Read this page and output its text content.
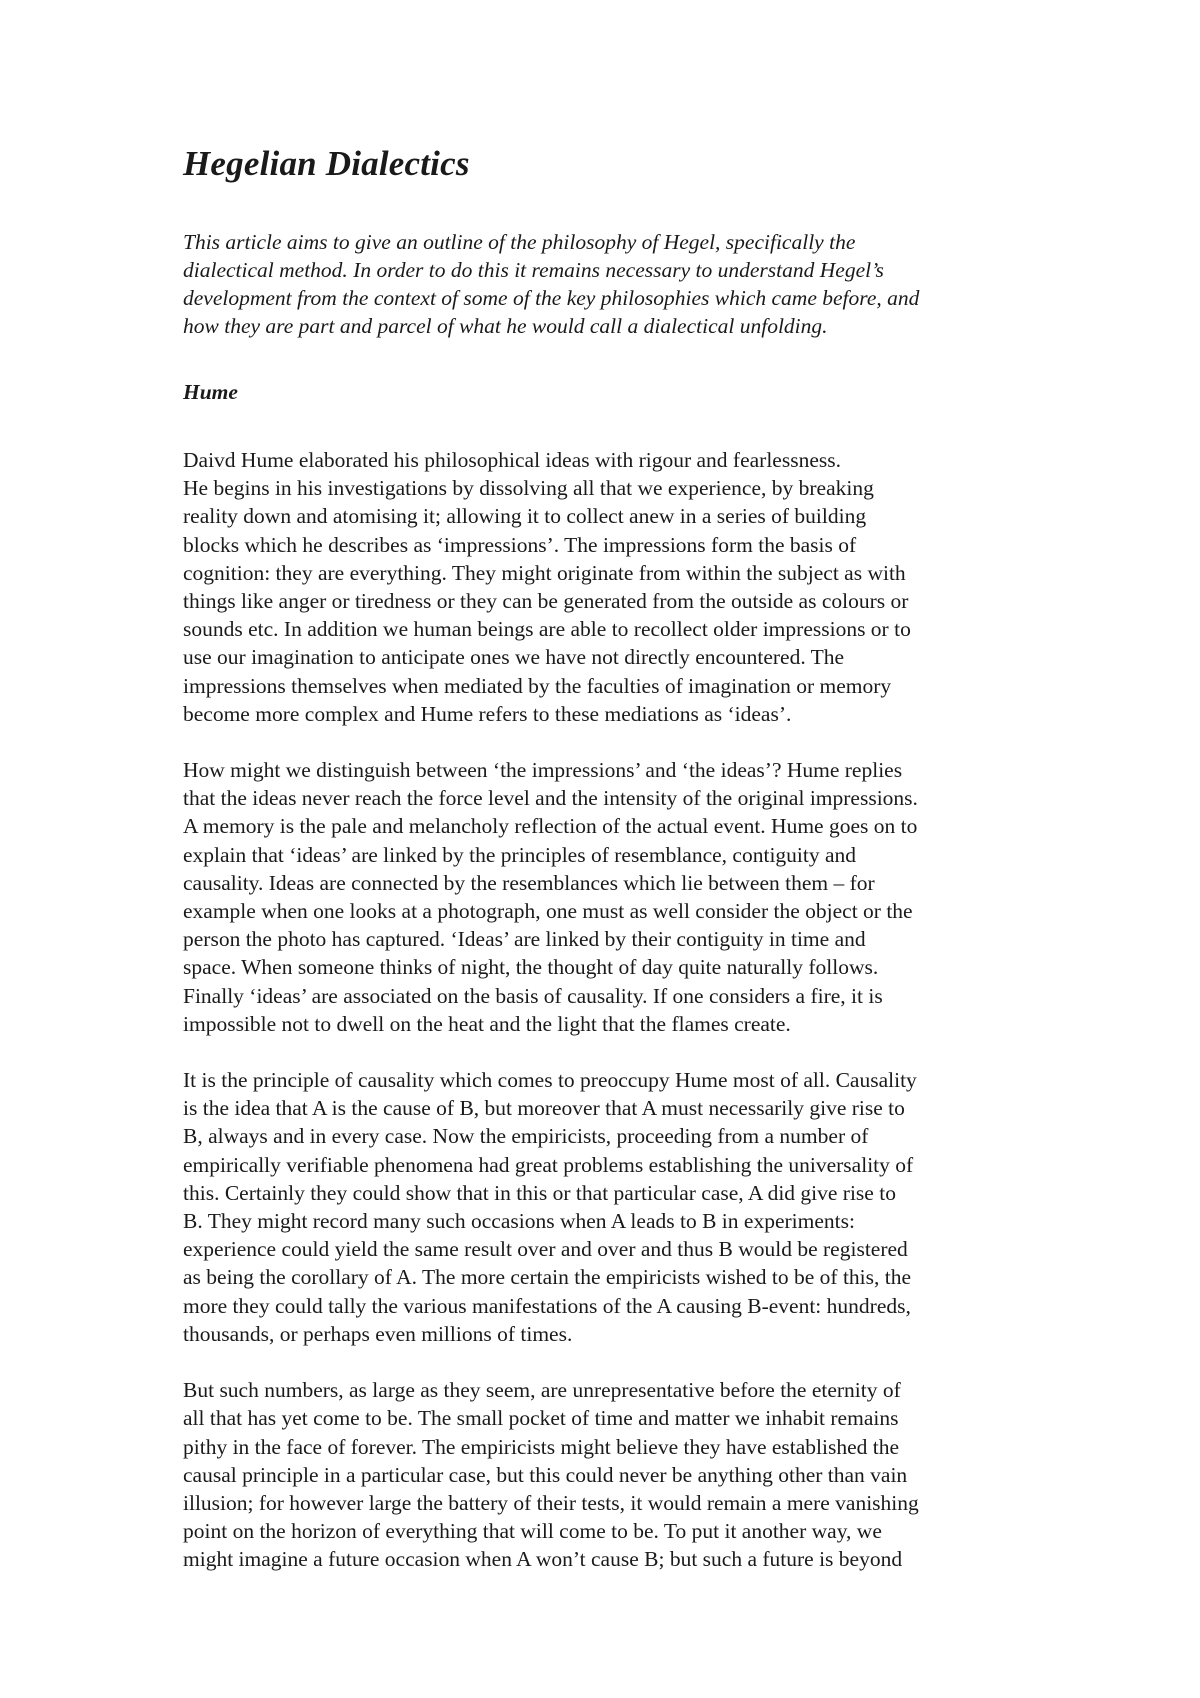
Hegelian Dialectics

This article aims to give an outline of the philosophy of Hegel, specifically the
dialectical method. In order to do this it remains necessary to understand Hegel’s
development from the context of some of the key philosophies which came before, and
how they are part and parcel of what he would call a dialectical unfolding.

Hume

Daivd Hume elaborated his philosophical ideas with rigour and fearlessness.
He begins in his investigations by dissolving all that we experience, by breaking
reality down and atomising it; allowing it to collect anew in a series of building
blocks which he describes as ‘impressions’. The impressions form the basis of
cognition: they are everything. They might originate from within the subject as with
things like anger or tiredness or they can be generated from the outside as colours or
sounds etc. In addition we human beings are able to recollect older impressions or to
use our imagination to anticipate ones we have not directly encountered. The
impressions themselves when mediated by the faculties of imagination or memory
become more complex and Hume refers to these mediations as ‘ideas’.

How might we distinguish between ‘the impressions’ and ‘the ideas’? Hume replies
that the ideas never reach the force level and the intensity of the original impressions.
A memory is the pale and melancholy reflection of the actual event. Hume goes on to
explain that ‘ideas’ are linked by the principles of resemblance, contiguity and
causality. Ideas are connected by the resemblances which lie between them – for
example when one looks at a photograph, one must as well consider the object or the
person the photo has captured. ‘Ideas’ are linked by their contiguity in time and
space. When someone thinks of night, the thought of day quite naturally follows.
Finally ‘ideas’ are associated on the basis of causality. If one considers a fire, it is
impossible not to dwell on the heat and the light that the flames create.

It is the principle of causality which comes to preoccupy Hume most of all. Causality
is the idea that A is the cause of B, but moreover that A must necessarily give rise to
B, always and in every case. Now the empiricists, proceeding from a number of
empirically verifiable phenomena had great problems establishing the universality of
this. Certainly they could show that in this or that particular case, A did give rise to
B. They might record many such occasions when A leads to B in experiments:
experience could yield the same result over and over and thus B would be registered
as being the corollary of A. The more certain the empiricists wished to be of this, the
more they could tally the various manifestations of the A causing B-event: hundreds,
thousands, or perhaps even millions of times.

But such numbers, as large as they seem, are unrepresentative before the eternity of
all that has yet come to be. The small pocket of time and matter we inhabit remains
pithy in the face of forever. The empiricists might believe they have established the
causal principle in a particular case, but this could never be anything other than vain
illusion; for however large the battery of their tests, it would remain a mere vanishing
point on the horizon of everything that will come to be. To put it another way, we
might imagine a future occasion when A won’t cause B; but such a future is beyond
